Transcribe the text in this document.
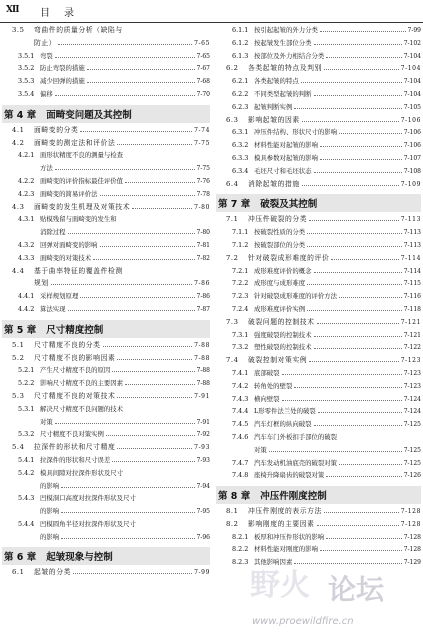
Ⅻ 目录
3.5	弯曲件的质量分析（缺陷与
防止）	7-65
3.5.1 弯裂	7-65
3.5.2 防止弯裂的措施	7-67
3.5.3 减少回弹的措施	7-68
3.5.4 偏移	7-70
第 4 章 面畸变问题及其控制
4.1	面畸变的分类	7-74
4.2	面畸变的测定法和评价法	7-75
4.2.1 面形状精度不良的测量与检查
方法	7-75
4.2.2 面畸变的评价指标最佳评价值	7-76
4.2.3 面畸变的简易评价法	7-78
4.3	面畸变的发生机理及对策技术	7-80
4.3.1 贴模残留与面畸变的发生和
消除过程	7-80
4.3.2 回弹对面畸变的影响	7-81
4.3.3 面畸变的对策技术	7-82
4.4	基于曲率特征的覆盖件检测
规划	7-86
4.4.1 采样规划原理	7-86
4.4.2 算法实现	7-87
第 5 章 尺寸精度控制
5.1	尺寸精度不良的分类	7-88
5.2	尺寸精度不良的影响因素	7-88
5.2.1 产生尺寸精度不良的原因	7-88
5.2.2 影响尺寸精度不良的主要因素	7-88
5.3	尺寸精度不良的对策技术	7-91
5.3.1 解决尺寸精度不良问题的技术
对策	7-91
5.3.2 尺寸精度不良对策实例	7-92
5.4	拉深件的形状和尺寸精度	7-93
5.4.1 拉深件的形状和尺寸误差	7-93
5.4.2 模具间隙对拉深件形状及尺寸
的影响	7-94
5.4.3 凹模洞口高度对拉深件形状及尺寸
的影响	7-95
5.4.4 凹模圆角半径对拉深件形状及尺寸
的影响	7-96
第 6 章 起皱现象与控制
6.1	起皱的分类	7-99
6.1.1 按引起起皱的外力分类	7-99
6.1.2 按起皱发生部位分类	7-102
6.1.3 按部位及外力相结合分类	7-104
6.2	各类起皱的特点及判别	7-104
6.2.1 各类起皱的特点	7-104
6.2.2 不同类型起皱的判断	7-104
6.2.3 起皱判断实例	7-105
6.3	影响起皱的因素	7-106
6.3.1 冲压件结构、形状尺寸的影响	7-106
6.3.2 材料性能对起皱的影响	7-106
6.3.3 模具参数对起皱的影响	7-107
6.3.4 毛坯尺寸和毛坯状态	7-108
6.4	消除起皱的措施	7-109
第 7 章 破裂及其控制
7.1	冲压件破裂的分类	7-113
7.1.1 按破裂性质的分类	7-113
7.1.2 按破裂部位的分类	7-113
7.2	针对破裂成形难度的评价	7-114
7.2.1 成形难度评价的概念	7-114
7.2.2 成形度与成形难度	7-115
7.2.3 针对破裂成形难度的评价方法	7-116
7.2.4 成形难度评价实例	7-118
7.3	破裂问题的控制技术	7-121
7.3.1 强度破裂的控制技术	7-121
7.3.2 塑性破裂的控制技术	7-122
7.4	破裂控制对策实例	7-123
7.4.1 底部破裂	7-123
7.4.2 转角处的壁裂	7-123
7.4.3 横向壁裂	7-124
7.4.4 L形零件法兰处的破裂	7-124
7.4.5 汽车灯框的纵向破裂	7-125
7.4.6 汽车车门外板扣手部位的破裂
对策	7-125
7.4.7 汽车发动机油底壳的破裂对策	7-125
7.4.8 座椅升降扇齿的破裂对策	7-126
第 8 章 冲压件刚度控制
8.1	冲压件刚度的表示方法	7-128
8.2	影响刚度的主要因素	7-128
8.2.1 板厚和冲压件形状的影响	7-128
8.2.2 材料性能对刚度的影响	7-128
8.2.3 其他影响因素	7-129
野火 论坛
www.proewildfire.cn
